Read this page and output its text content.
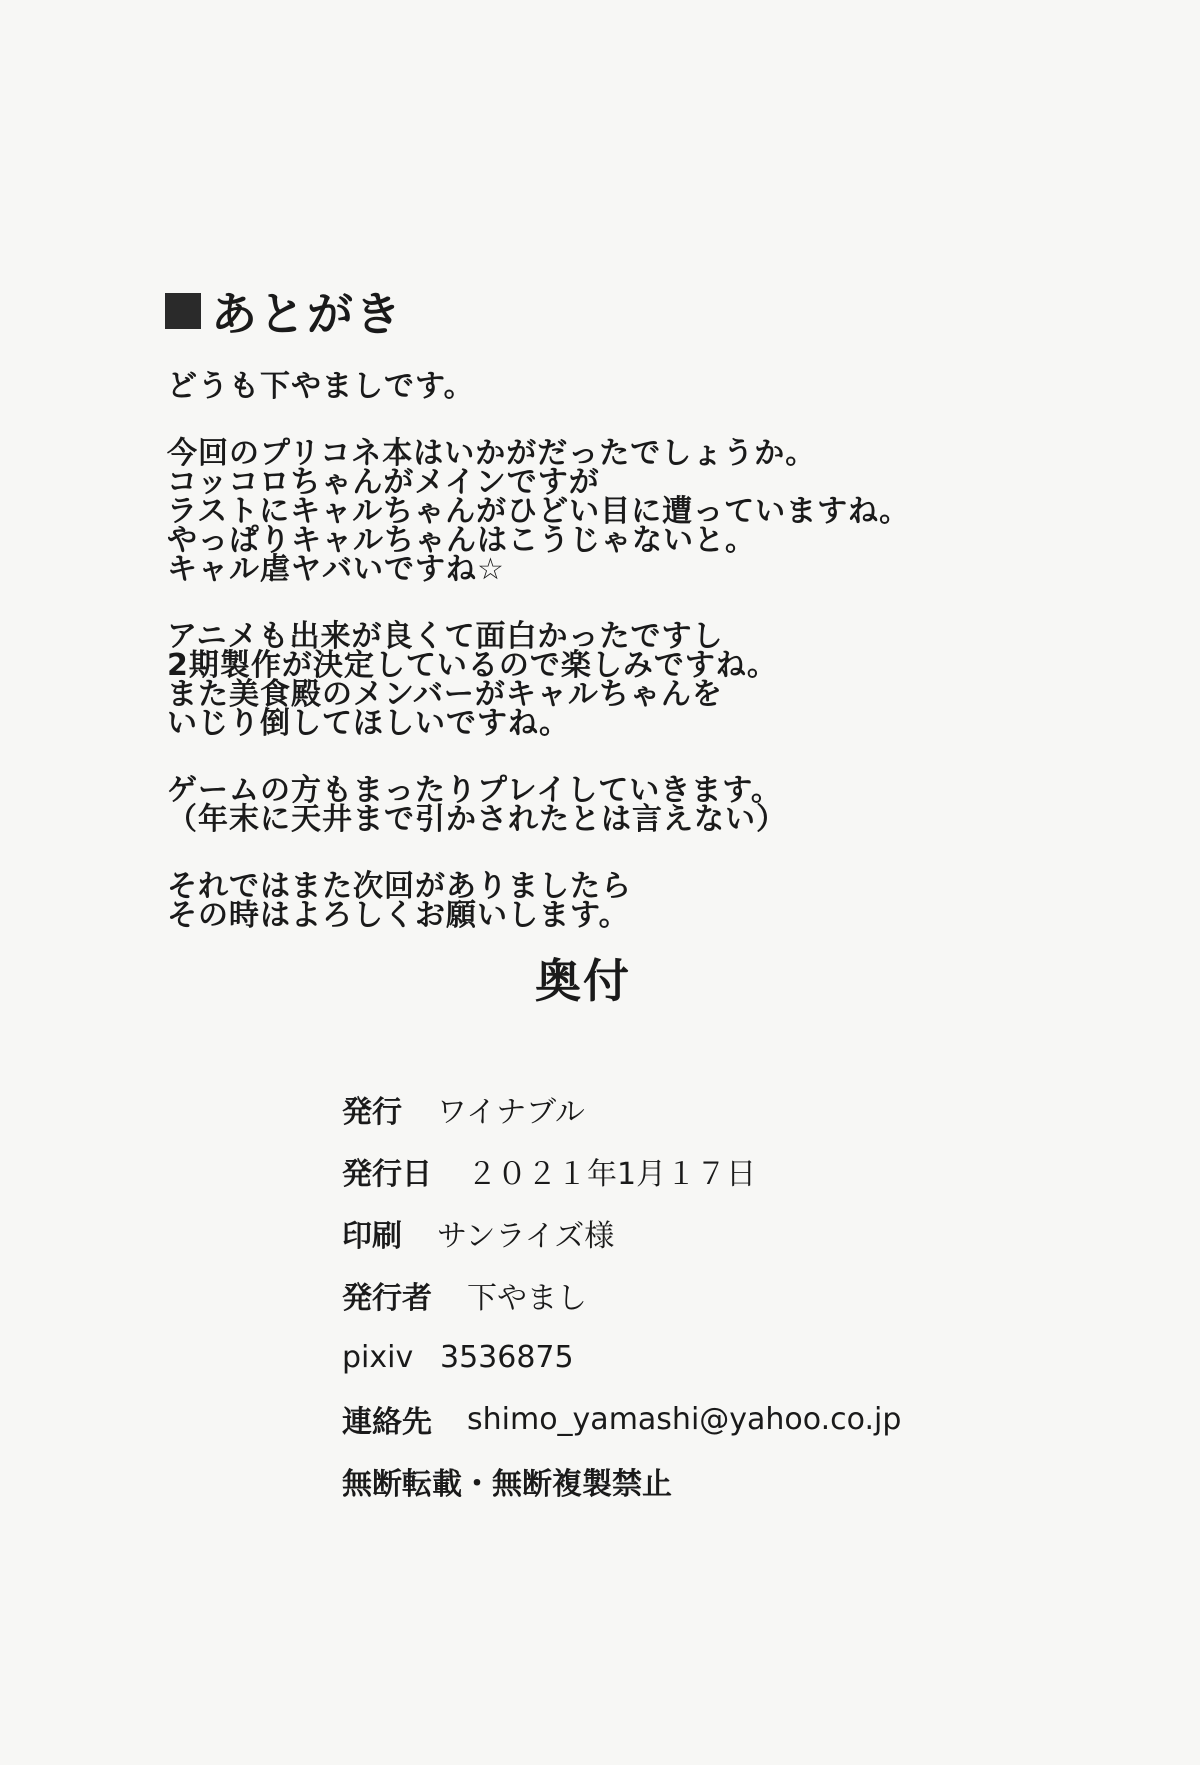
あとがき
どうも下やましです。
今回のプリコネ本はいかがだったでしょうか。
コッコロちゃんがメインですが
ラストにキャルちゃんがひどい目に遭っていますね。
やっぱりキャルちゃんはこうじゃないと。
キャル虐ヤバいですね☆
アニメも出来が良くて面白かったですし
2期製作が決定しているので楽しみですね。
また美食殿のメンバーがキャルちゃんを
いじり倒してほしいですね。
ゲームの方もまったりプレイしていきます。
（年末に天井まで引かされたとは言えない）
それではまた次回がありましたら
その時はよろしくお願いします。
奥付
発行	ワイナブル
発行日	２０２１年1月１７日
印刷	サンライズ様
発行者	下やまし
pixiv 3536875
連絡先	shimo_yamashi@yahoo.co.jp
無断転載・無断複製禁止
